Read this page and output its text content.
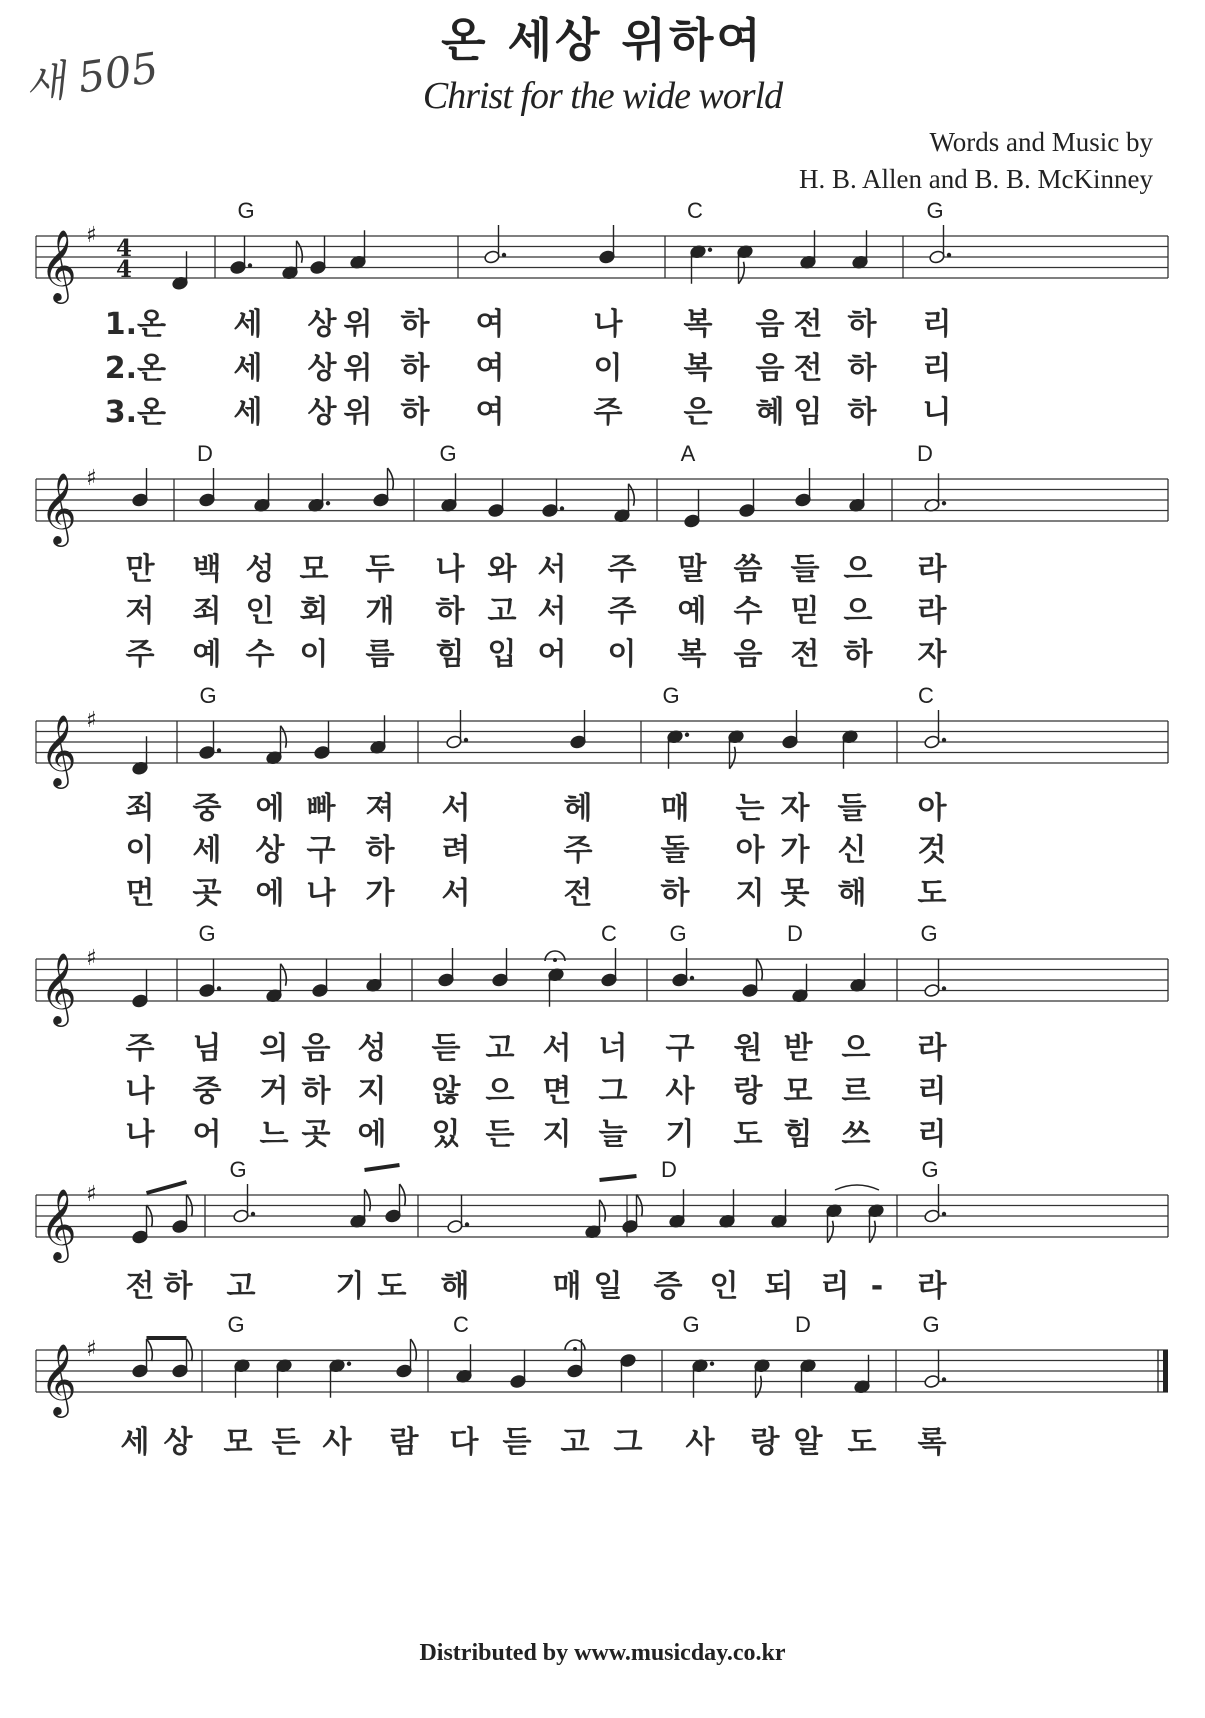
새 505
온 세상 위하여
Christ for the wide world
Words and Music by
H. B. Allen and B. B. McKinney
𝄞 ♯ 4
4
G	C	G
1.온 세 상 위 하 여	나 복 음 전 하 리
2.온 세 상 위 하 여	이 복 음 전 하 리
3.온 세 상 위 하 여	주 은 혜 임 하 니
𝄞 ♯
D	G	A	D
만 백 성 모 두 나 와 서 주 말 씀 들 으 라
저 죄 인 회 개 하 고 서 주 예 수 믿 으 라
주 예 수 이 름 힘 입 어 이 복 음 전 하 자
𝄞 ♯
G	G	C
죄 중 에 빠 져 서	헤 매 는 자 들 아
이 세 상 구 하 려	주 돌 아 가 신 것
먼 곳 에 나 가 서	전 하 지 못 해 도
𝄞 ♯
G	C G	D	G
주 님 의 음 성 듣 고 서 너 구 원 받 으 라
나 중 거 하 지 않 으 면 그 사 랑 모 르 리
나 어 느 곳 에 있 든 지 늘 기 도 힘 쓰 리
𝄞 ♯
G	D	G
전 하 고	기 도 해	매 일 증 인 되 리 - 라
𝄞 ♯
G	C	G	D	G
세 상 모 든 사 람 다 듣 고 그 사 랑 알 도 록
Distributed by www.musicday.co.kr
